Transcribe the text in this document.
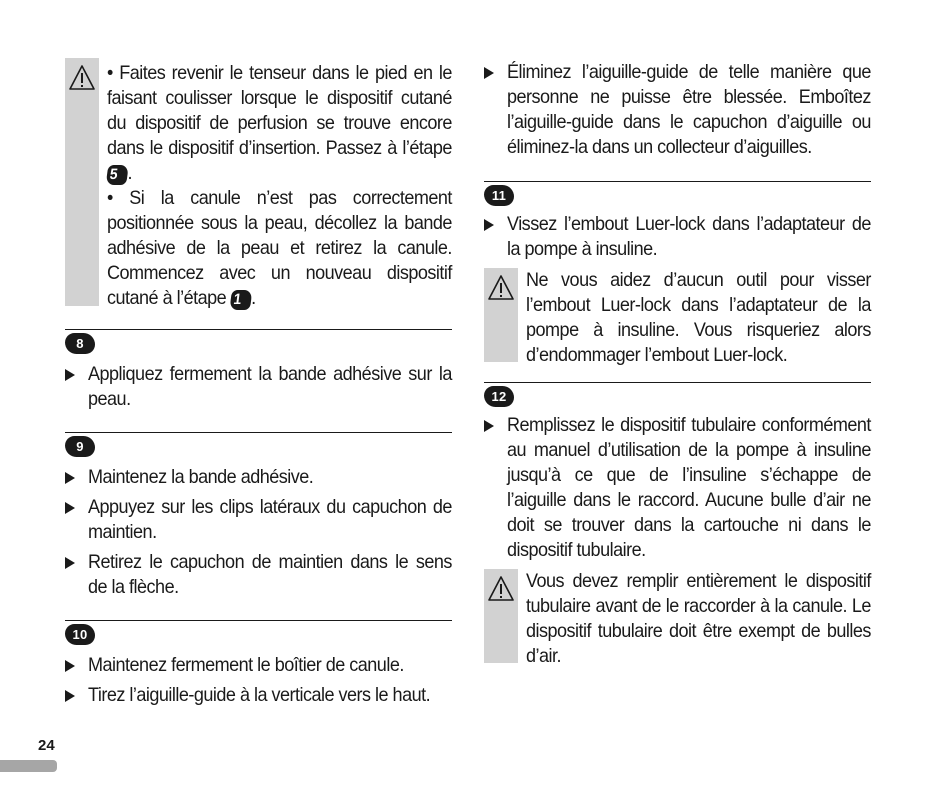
• Faites revenir le tenseur dans le pied en le faisant coulisser lorsque le dispositif cutané du dispositif de perfusion se trouve encore dans le dispositif d’insertion. Passez à l’étape 5 .

• Si la canule n’est pas correctement positionnée sous la peau, décollez la bande adhésive de la peau et retirez la canule. Commencez avec un nouveau dispositif cutané à l’étape 1 .

8

Appliquez fermement la bande adhésive sur la peau.

9

Maintenez la bande adhésive.

Appuyez sur les clips latéraux du capuchon de maintien.

Retirez le capuchon de maintien dans le sens de la flèche.

10

Maintenez fermement le boîtier de canule.

Tirez l’aiguille-guide à la verticale vers le haut.

Éliminez l’aiguille-guide de telle manière que personne ne puisse être blessée. Emboîtez l’aiguille-guide dans le capuchon d’aiguille ou éliminez-la dans un collecteur d’aiguilles.

11

Vissez l’embout Luer-lock dans l’adaptateur de la pompe à insuline.

Ne vous aidez d’aucun outil pour visser l’embout Luer-lock dans l’adaptateur de la pompe à insuline. Vous risqueriez alors d’endommager l’embout Luer-lock.

12

Remplissez le dispositif tubulaire conformément au manuel d’utilisation de la pompe à insuline jusqu’à ce que de l’insuline s’échappe de l’aiguille dans le raccord. Aucune bulle d’air ne doit se trouver dans la cartouche ni dans le dispositif tubulaire.

Vous devez remplir entièrement le dispositif tubulaire avant de le raccorder à la canule. Le dispositif tubulaire doit être exempt de bulles d’air.

24
